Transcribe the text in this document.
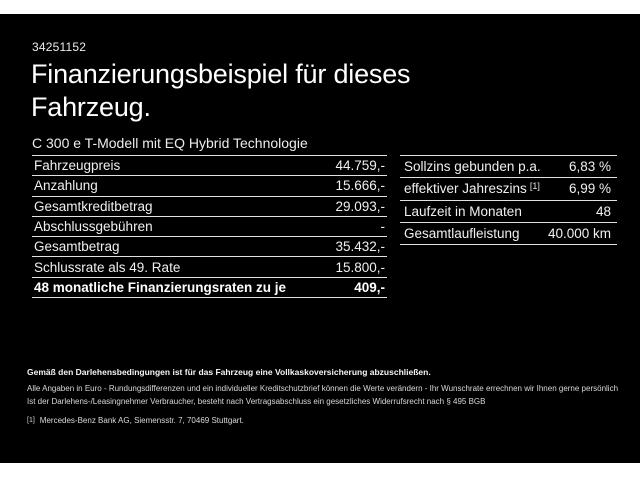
34251152
Finanzierungsbeispiel für dieses
Fahrzeug.
C 300 e T-Modell mit EQ Hybrid Technologie
Fahrzeugpreis	44.759,-
Anzahlung	15.666,-
Gesamtkreditbetrag	29.093,-
Abschlussgebühren	-
Gesamtbetrag	35.432,-
Schlussrate als 49. Rate	15.800,-
48 monatliche Finanzierungsraten zu je	409,-
Sollzins gebunden p.a. 6,83 %
effektiver Jahreszins [1] 6,99 %
Laufzeit in Monaten	48
Gesamtlaufleistung 40.000 km

Gemäß den Darlehensbedingungen ist für das Fahrzeug eine Vollkaskoversicherung abzuschließen.

Alle Angaben in Euro - Rundungsdifferenzen und ein individueller Kreditschutzbrief können die Werte verändern - Ihr Wunschrate errechnen wir Ihnen gerne persönlich

Ist der Darlehens-/Leasingnehmer Verbraucher, besteht nach Vertragsabschluss ein gesetzliches Widerrufsrecht nach § 495 BGB

[1] Mercedes-Benz Bank AG, Siemensstr. 7, 70469 Stuttgart.
